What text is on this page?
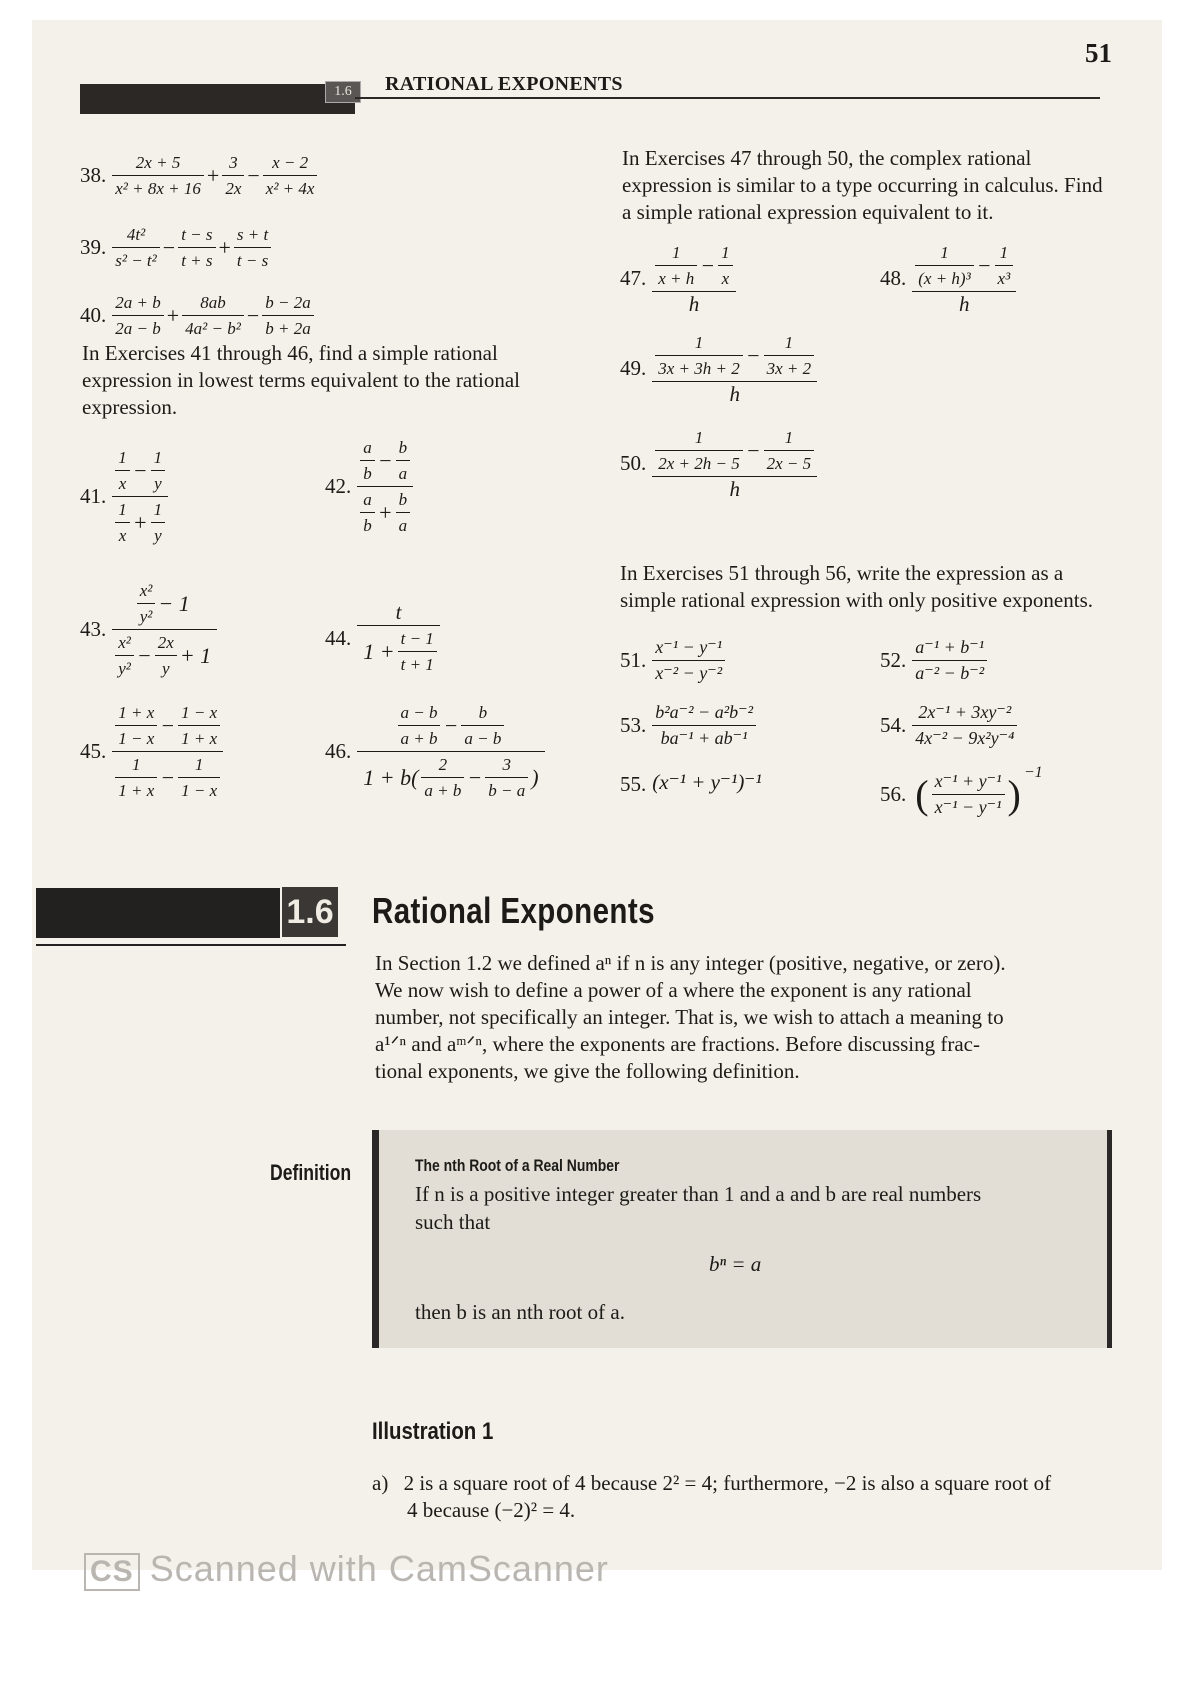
51
1.6	RATIONAL EXPONENTS
38. $\frac{2x + 5}{\text{x² + 8x + 16}} + \frac{3}{2x} - \frac{x - 2}{\text{x² + 4x}}$
39. $\frac{\text{4t²}}{\text{s² − t²}} - \frac{t - s}{t + s} + \frac{s + t}{t - s}$
40. $\frac{2a + b}{2a - b} + \frac{8ab}{\text{4a² − b²}} - \frac{b - 2a}{b + 2a}$
In Exercises 41 through 46, find a simple rational expression in lowest terms equivalent to the rational expression.
41. $\frac{\frac{1}{x} - \frac{1}{y}}{\frac{1}{x} + \frac{1}{y}}$	42. $\frac{\frac{a}{b} - \frac{b}{a}}{\frac{a}{b} + \frac{b}{a}}$
43. $\frac{\frac{\text{x²}}{\text{y²}} - 1}{\frac{\text{x²}}{\text{y²}} - \frac{2x}{y} + 1}$	44. $\frac{t}{1 + \frac{t - 1}{t + 1}}$
45. $\frac{\frac{1 + x}{1 - x} - \frac{1 - x}{1 + x}}{\frac{1}{1 + x} - \frac{1}{1 - x}}$	46. $\frac{\frac{a - b}{a + b} - \frac{b}{a - b}}{1 + b( \frac{2}{a + b} - \frac{3}{b - a} )}$
In Exercises 47 through 50, the complex rational expression is similar to a type occurring in calculus. Find a simple rational expression equivalent to it.
47. $\frac{\frac{1}{x + h} - \frac{1}{x}}{h}$	48. $\frac{\frac{1}{\text{(x + h)³}} - \frac{1}{\text{x³}}}{h}$
49. $\frac{\frac{1}{3x + 3h + 2} - \frac{1}{3x + 2}}{h}$
50. $\frac{\frac{1}{2x + 2h - 5} - \frac{1}{2x - 5}}{h}$
In Exercises 51 through 56, write the expression as a simple rational expression with only positive exponents.
51. $\frac{\text{x⁻¹ − y⁻¹}}{\text{x⁻² − y⁻²}}$	52. $\frac{\text{a⁻¹ + b⁻¹}}{\text{a⁻² − b⁻²}}$
53. $\frac{\text{b²a⁻² − a²b⁻²}}{\text{ba⁻¹ + ab⁻¹}}$	54. $\frac{\text{2x⁻¹ + 3xy⁻²}}{\text{4x⁻² − 9x²y⁻⁴}}$
55. (x⁻¹ + y⁻¹)⁻¹	56. ( $\frac{\text{x⁻¹ + y⁻¹}}{\text{x⁻¹ − y⁻¹}}$ ) $^{-1}$
1.6 Rational Exponents
In Section 1.2 we defined aⁿ if n is any integer (positive, negative, or zero).
We now wish to define a power of a where the exponent is any rational
number, not specifically an integer. That is, we wish to attach a meaning to
a¹ᐟⁿ and aᵐᐟⁿ, where the exponents are fractions. Before discussing frac-
tional exponents, we give the following definition.
Definition	The nth Root of a Real Number
If n is a positive integer greater than 1 and a and b are real numbers
such that
bⁿ = a
then b is an nth root of a.
Illustration 1
a) 2 is a square root of 4 because 2² = 4; furthermore, −2 is also a square root of
4 because (−2)² = 4.
CS Scanned with CamScanner
